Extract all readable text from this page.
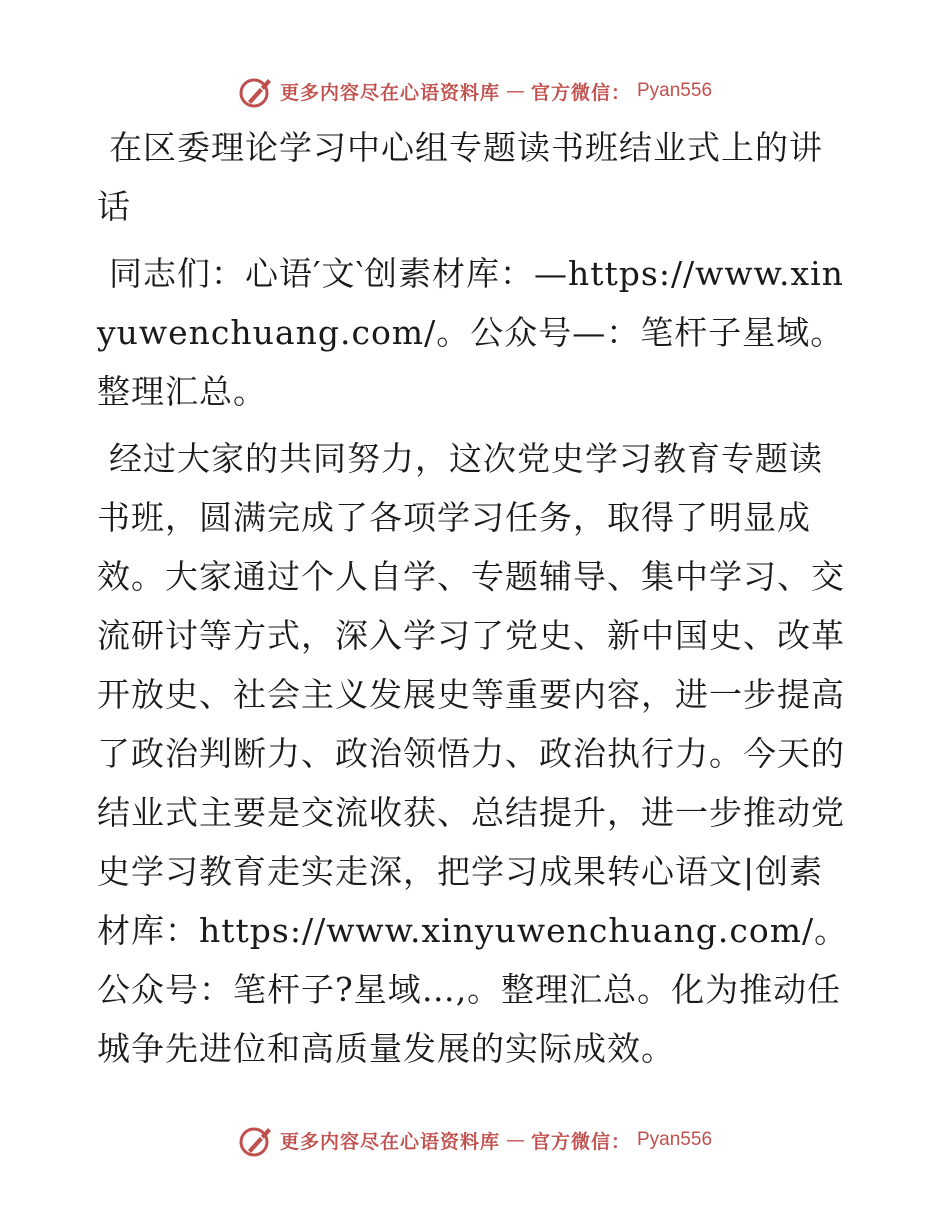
更多内容尽在心语资料库 — 官方微信： Pyan556

在区委理论学习中心组专题读书班结业式上的讲话

同志们：心语′文‵创素材库：—https://www.xinyuwenchuang.com/。公众号—：笔杆子星域。整理汇总。

经过大家的共同努力，这次党史学习教育专题读书班，圆满完成了各项学习任务，取得了明显成效。大家通过个人自学、专题辅导、集中学习、交流研讨等方式，深入学习了党史、新中国史、改革开放史、社会主义发展史等重要内容，进一步提高了政治判断力、政治领悟力、政治执行力。今天的结业式主要是交流收获、总结提升，进一步推动党史学习教育走实走深，把学习成果转心语文|创素材库：https://www.xinyuwenchuang.com/。公众号：笔杆子?星域…,。整理汇总。化为推动任城争先进位和高质量发展的实际成效。

更多内容尽在心语资料库 — 官方微信： Pyan556
